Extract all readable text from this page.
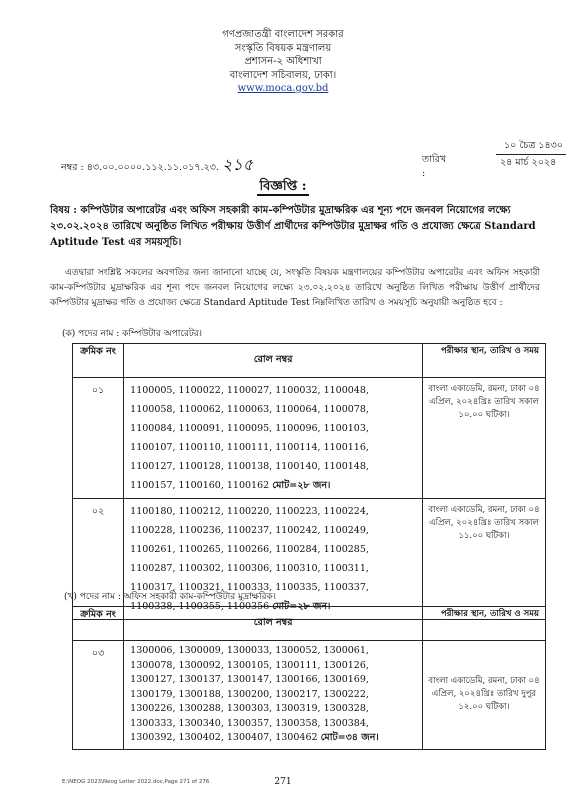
গণপ্রজাতন্ত্রী বাংলাদেশ সরকার
সংস্কৃতি বিষয়ক মন্ত্রণালয়
প্রশাসন-২ অধিশাখা
বাংলাদেশ সচিবালয়, ঢাকা।
www.moca.gov.bd
নম্বর : ৪৩.০০.০০০০.১১২.১১.০১৭.২৩. ২১৫	তারিখ :
১০ চৈত্র ১৪৩০
২৪ মার্চ ২০২৪
বিজ্ঞপ্তি :
বিষয় : কম্পিউটার অপারেটর এবং অফিস সহকারী কাম-কম্পিউটার মুদ্রাক্ষরিক এর শূন্য পদে জনবল নিয়োগের লক্ষ্যে ২৩.০২.২০২৪ তারিখে অনুষ্ঠিত লিখিত পরীক্ষায় উত্তীর্ণ প্রার্থীদের কম্পিউটার মুদ্রাক্ষর গতি ও প্রযোজ্য ক্ষেত্রে Standard Aptitude Test এর সময়সূচি।
এতদ্বারা সংশ্লিষ্ট সকলের অবগতির জন্য জানানো যাচ্ছে যে, সংস্কৃতি বিষয়ক মন্ত্রণালয়ের কম্পিউটার অপারেটর এবং অফিস সহকারী কাম-কম্পিউটার মুদ্রাক্ষরিক এর শূন্য পদে জনবল নিয়োগের লক্ষ্যে ২৩.০২.২০২৪ তারিখে অনুষ্ঠিত লিখিত পরীক্ষায় উত্তীর্ণ প্রার্থীদের কম্পিউটার মুদ্রাক্ষর গতি ও প্রযোজ্য ক্ষেত্রে Standard Aptitude Test নিম্নলিখিত তারিখ ও সময়সূচি অনুযায়ী অনুষ্ঠিত হবে :
(ক) পদের নাম : কম্পিউটার অপারেটর।
ক্রমিক নং	রোল নম্বর	পরীক্ষার স্থান, তারিখ ও সময়
০১	1100005, 1100022, 1100027, 1100032, 1100048, 1100058, 1100062, 1100063, 1100064, 1100078, 1100084, 1100091, 1100095, 1100096, 1100103, 1100107, 1100110, 1100111, 1100114, 1100116, 1100127, 1100128, 1100138, 1100140, 1100148, 1100157, 1100160, 1100162 মোট=২৮ জন।	বাংলা একাডেমি, রমনা, ঢাকা ০৪ এপ্রিল, ২০২৪খ্রিঃ তারিখ সকাল ১০.০০ ঘটিকা।
০২	1100180, 1100212, 1100220, 1100223, 1100224, 1100228, 1100236, 1100237, 1100242, 1100249, 1100261, 1100265, 1100266, 1100284, 1100285, 1100287, 1100302, 1100306, 1100310, 1100311, 1100317, 1100321, 1100333, 1100335, 1100337, 1100338, 1100355, 1100356 মোট=২৮ জন।	বাংলা একাডেমি, রমনা, ঢাকা ০৪ এপ্রিল, ২০২৪খ্রিঃ তারিখ সকাল ১১.০০ ঘটিকা।
(খ) পদের নাম : অফিস সহকারী কাম-কম্পিউটার মুদ্রাক্ষরিক।
ক্রমিক নং	রোল নম্বর	পরীক্ষার স্থান, তারিখ ও সময়
০৩	1300006, 1300009, 1300033, 1300052, 1300061, 1300078, 1300092, 1300105, 1300111, 1300126, 1300127, 1300137, 1300147, 1300166, 1300169, 1300179, 1300188, 1300200, 1300217, 1300222, 1300226, 1300288, 1300303, 1300319, 1300328, 1300333, 1300340, 1300357, 1300358, 1300384, 1300392, 1300402, 1300407, 1300462 মোট=৩৪ জন।	বাংলা একাডেমি, রমনা, ঢাকা ০৪ এপ্রিল, ২০২৪খ্রিঃ তারিখ দুপুর ১২.০০ ঘটিকা।
E:\NEOG 2023\Neog Letter 2022.doc,Page 271 of 276	271
